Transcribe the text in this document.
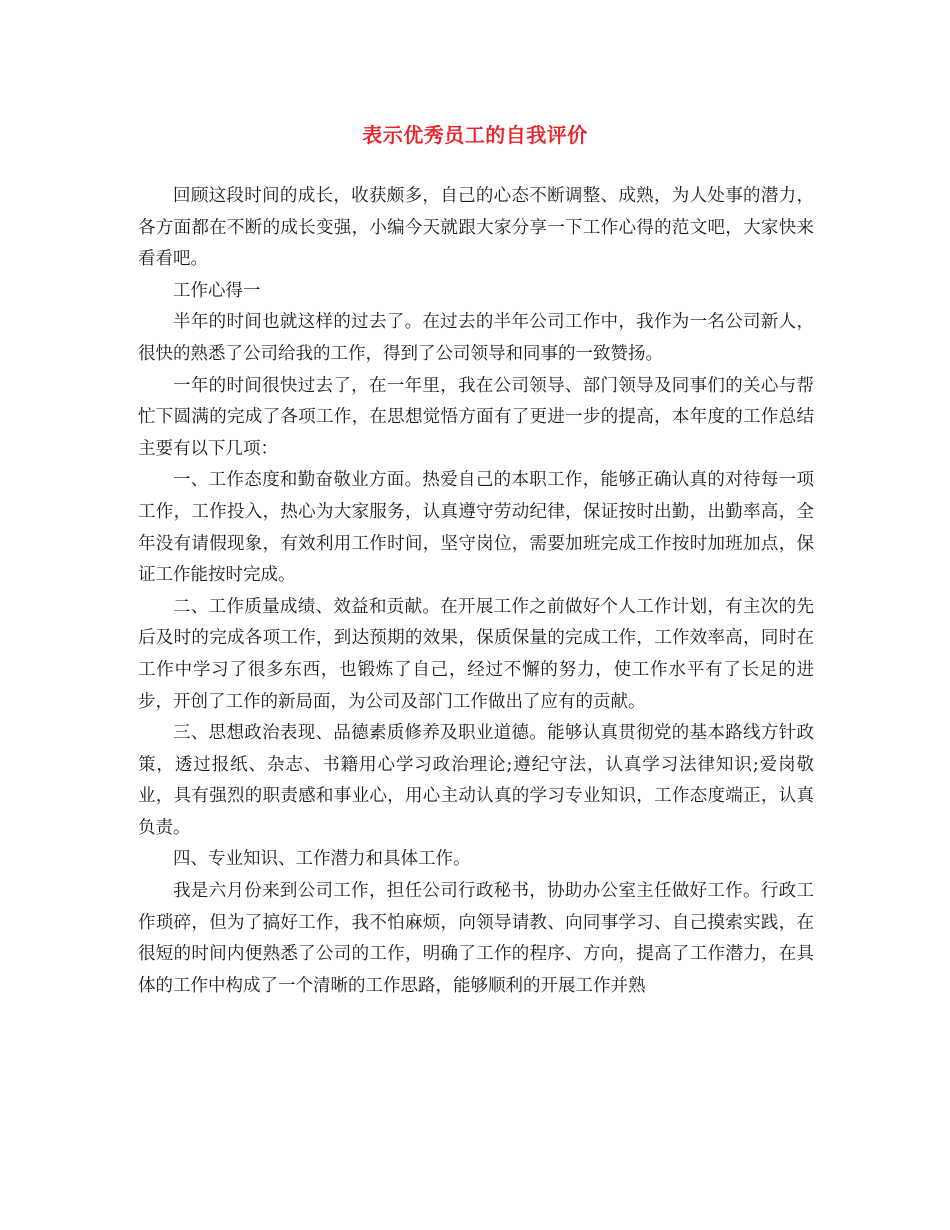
表示优秀员工的自我评价

回顾这段时间的成长，收获颇多，自己的心态不断调整、成熟，为人处事的潜力，各方面都在不断的成长变强，小编今天就跟大家分享一下工作心得的范文吧，大家快来看看吧。

工作心得一

半年的时间也就这样的过去了。在过去的半年公司工作中，我作为一名公司新人，很快的熟悉了公司给我的工作，得到了公司领导和同事的一致赞扬。

一年的时间很快过去了，在一年里，我在公司领导、部门领导及同事们的关心与帮忙下圆满的完成了各项工作，在思想觉悟方面有了更进一步的提高，本年度的工作总结主要有以下几项：

一、工作态度和勤奋敬业方面。热爱自己的本职工作，能够正确认真的对待每一项工作，工作投入，热心为大家服务，认真遵守劳动纪律，保证按时出勤，出勤率高，全年没有请假现象，有效利用工作时间，坚守岗位，需要加班完成工作按时加班加点，保证工作能按时完成。

二、工作质量成绩、效益和贡献。在开展工作之前做好个人工作计划，有主次的先后及时的完成各项工作，到达预期的效果，保质保量的完成工作，工作效率高，同时在工作中学习了很多东西，也锻炼了自己，经过不懈的努力，使工作水平有了长足的进步，开创了工作的新局面，为公司及部门工作做出了应有的贡献。

三、思想政治表现、品德素质修养及职业道德。能够认真贯彻党的基本路线方针政策，透过报纸、杂志、书籍用心学习政治理论;遵纪守法，认真学习法律知识;爱岗敬业，具有强烈的职责感和事业心，用心主动认真的学习专业知识，工作态度端正，认真负责。

四、专业知识、工作潜力和具体工作。

我是六月份来到公司工作，担任公司行政秘书，协助办公室主任做好工作。行政工作琐碎，但为了搞好工作，我不怕麻烦，向领导请教、向同事学习、自己摸索实践，在很短的时间内便熟悉了公司的工作，明确了工作的程序、方向，提高了工作潜力，在具体的工作中构成了一个清晰的工作思路，能够顺利的开展工作并熟
